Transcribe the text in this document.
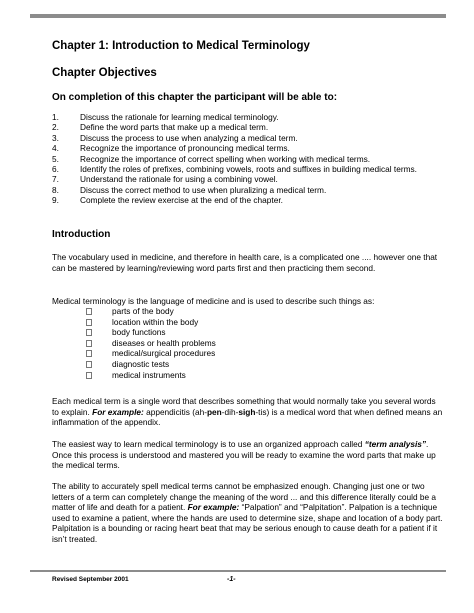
Chapter 1: Introduction to Medical Terminology
Chapter Objectives
On completion of this chapter the participant will be able to:
1.	Discuss the rationale for learning medical terminology.
2.	Define the word parts that make up a medical term.
3.	Discuss the process to use when analyzing a medical term.
4.	Recognize the importance of pronouncing medical terms.
5.	Recognize the importance of correct spelling when working with medical terms.
6.	Identify the roles of prefixes, combining vowels, roots and suffixes in building medical terms.
7.	Understand the rationale for using a combining vowel.
8.	Discuss the correct method to use when pluralizing a medical term.
9.	Complete the review exercise at the end of the chapter.
Introduction

The vocabulary used in medicine, and therefore in health care, is a complicated one .... however one that can be mastered by learning/reviewing word parts first and then practicing them second.

Medical terminology is the language of medicine and is used to describe such things as:

parts of the body
location within the body
body functions
diseases or health problems
medical/surgical procedures
diagnostic tests
medical instruments

Each medical term is a single word that describes something that would normally take you several words to explain. For example: appendicitis (ah-pen-dih-sigh-tis) is a medical word that when defined means an inflammation of the appendix.

The easiest way to learn medical terminology is to use an organized approach called “term analysis”. Once this process is understood and mastered you will be ready to examine the word parts that make up the medical terms.

The ability to accurately spell medical terms cannot be emphasized enough. Changing just one or two letters of a term can completely change the meaning of the word ... and this difference literally could be a matter of life and death for a patient. For example: “Palpation” and “Palpitation”. Palpation is a technique used to examine a patient, where the hands are used to determine size, shape and location of a body part. Palpitation is a bounding or racing heart beat that may be serious enough to cause death for a patient if it isn’t treated.

Revised September 2001	-1-
